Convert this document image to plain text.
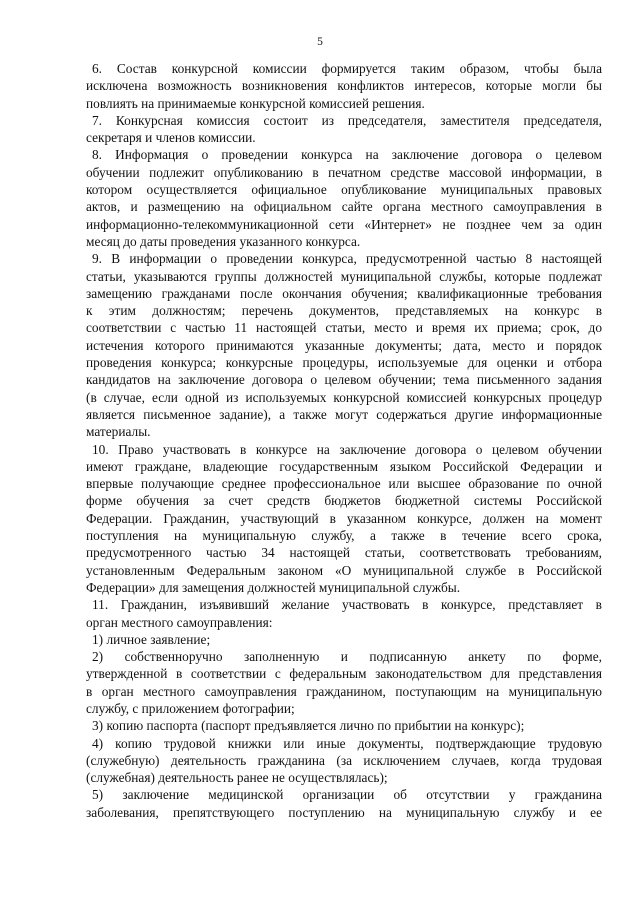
5
6. Состав конкурсной комиссии формируется таким образом, чтобы была
исключена возможность возникновения конфликтов интересов, которые могли бы
повлиять на принимаемые конкурсной комиссией решения.
7. Конкурсная комиссия состоит из председателя, заместителя председателя,
секретаря и членов комиссии.
8. Информация о проведении конкурса на заключение договора о целевом
обучении подлежит опубликованию в печатном средстве массовой информации, в
котором осуществляется официальное опубликование муниципальных правовых
актов, и размещению на официальном сайте органа местного самоуправления в
информационно-телекоммуникационной сети «Интернет» не позднее чем за один
месяц до даты проведения указанного конкурса.
9. В информации о проведении конкурса, предусмотренной частью 8 настоящей
статьи, указываются группы должностей муниципальной службы, которые подлежат
замещению гражданами после окончания обучения; квалификационные требования
к этим должностям; перечень документов, представляемых на конкурс в
соответствии с частью 11 настоящей статьи, место и время их приема; срок, до
истечения которого принимаются указанные документы; дата, место и порядок
проведения конкурса; конкурсные процедуры, используемые для оценки и отбора
кандидатов на заключение договора о целевом обучении; тема письменного задания
(в случае, если одной из используемых конкурсной комиссией конкурсных процедур
является письменное задание), а также могут содержаться другие информационные
материалы.
10. Право участвовать в конкурсе на заключение договора о целевом обучении
имеют граждане, владеющие государственным языком Российской Федерации и
впервые получающие среднее профессиональное или высшее образование по очной
форме обучения за счет средств бюджетов бюджетной системы Российской
Федерации. Гражданин, участвующий в указанном конкурсе, должен на момент
поступления на муниципальную службу, а также в течение всего срока,
предусмотренного частью 34 настоящей статьи, соответствовать требованиям,
установленным Федеральным законом «О муниципальной службе в Российской
Федерации» для замещения должностей муниципальной службы.
11. Гражданин, изъявивший желание участвовать в конкурсе, представляет в
орган местного самоуправления:
1) личное заявление;
2) собственноручно заполненную и подписанную анкету по форме,
утвержденной в соответствии с федеральным законодательством для представления
в орган местного самоуправления гражданином, поступающим на муниципальную
службу, с приложением фотографии;
3) копию паспорта (паспорт предъявляется лично по прибытии на конкурс);
4) копию трудовой книжки или иные документы, подтверждающие трудовую
(служебную) деятельность гражданина (за исключением случаев, когда трудовая
(служебная) деятельность ранее не осуществлялась);
5) заключение медицинской организации об отсутствии у гражданина
заболевания, препятствующего поступлению на муниципальную службу и ее
